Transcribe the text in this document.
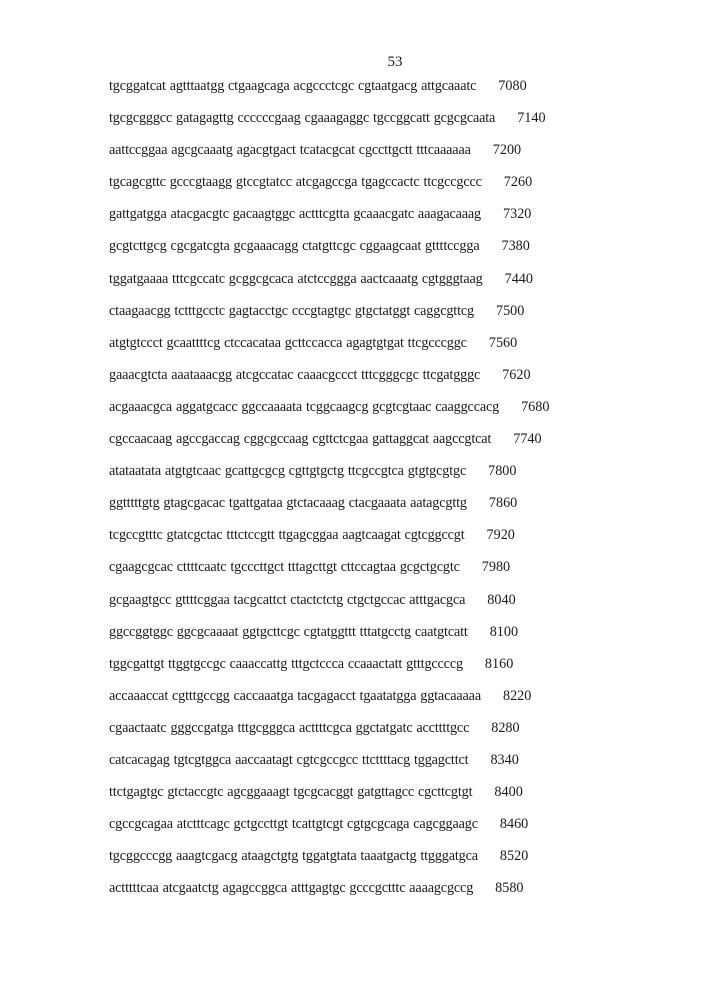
53
tgcggatcat agtttaatgg ctgaagcaga acgccctcgc cgtaatgacg attgcaaatc 7080
tgcgcgggcc gatagagttg ccccccgaag cgaaagaggc tgccggcatt gcgcgcaata 7140
aattccggaa agcgcaaatg agacgtgact tcatacgcat cgccttgctt tttcaaaaaa 7200
tgcagcgttc gcccgtaagg gtccgtatcc atcgagccga tgagccactc ttcgccgccc 7260
gattgatgga atacgacgtc gacaagtggc actttcgtta gcaaacgatc aaagacaaag 7320
gcgtcttgcg cgcgatcgta gcgaaacagg ctatgttcgc cggaagcaat gttttccgga 7380
tggatgaaaa tttcgccatc gcggcgcaca atctccggga aactcaaatg cgtgggtaag 7440
ctaagaacgg tctttgcctc gagtacctgc cccgtagtgc gtgctatggt caggcgttcg 7500
atgtgtccct gcaattttcg ctccacataa gcttccacca agagtgtgat ttcgcccggc 7560
gaaacgtcta aaataaacgg atcgccatac caaacgccct tttcgggcgc ttcgatgggc 7620
acgaaacgca aggatgcacc ggccaaaata tcggcaagcg gcgtcgtaac caaggccacg 7680
cgccaacaag agccgaccag cggcgccaag cgttctcgaa gattaggcat aagccgtcat 7740
atataatata atgtgtcaac gcattgcgcg cgttgtgctg ttcgccgtca gtgtgcgtgc 7800
ggtttttgtg gtagcgacac tgattgataa gtctacaaag ctacgaaata aatagcgttg 7860
tcgccgtttc gtatcgctac tttctccgtt ttgagcggaa aagtcaagat cgtcggccgt 7920
cgaagcgcac cttttcaatc tgcccttgct tttagcttgt cttccagtaa gcgctgcgtc 7980
gcgaagtgcc gttttcggaa tacgcattct ctactctctg ctgctgccac atttgacgca 8040
ggccggtggc ggcgcaaaat ggtgcttcgc cgtatggttt tttatgcctg caatgtcatt 8100
tggcgattgt ttggtgccgc caaaccattg tttgctccca ccaaactatt gtttgccccg 8160
accaaaccat cgtttgccgg caccaaatga tacgagacct tgaatatgga ggtacaaaaa 8220
cgaactaatc gggccgatga tttgcgggca acttttcgca ggctatgatc accttttgcc 8280
catcacagag tgtcgtggca aaccaatagt cgtcgccgcc ttcttttacg tggagcttct 8340
ttctgagtgc gtctaccgtc agcggaaagt tgcgcacggt gatgttagcc cgcttcgtgt 8400
cgccgcagaa atctttcagc gctgccttgt tcattgtcgt cgtgcgcaga cagcggaagc 8460
tgcggcccgg aaagtcgacg ataagctgtg tggatgtata taaatgactg ttgggatgca 8520
actttttcaa atcgaatctg agagccggca atttgagtgc gcccgctttc aaaagcgccg 8580
